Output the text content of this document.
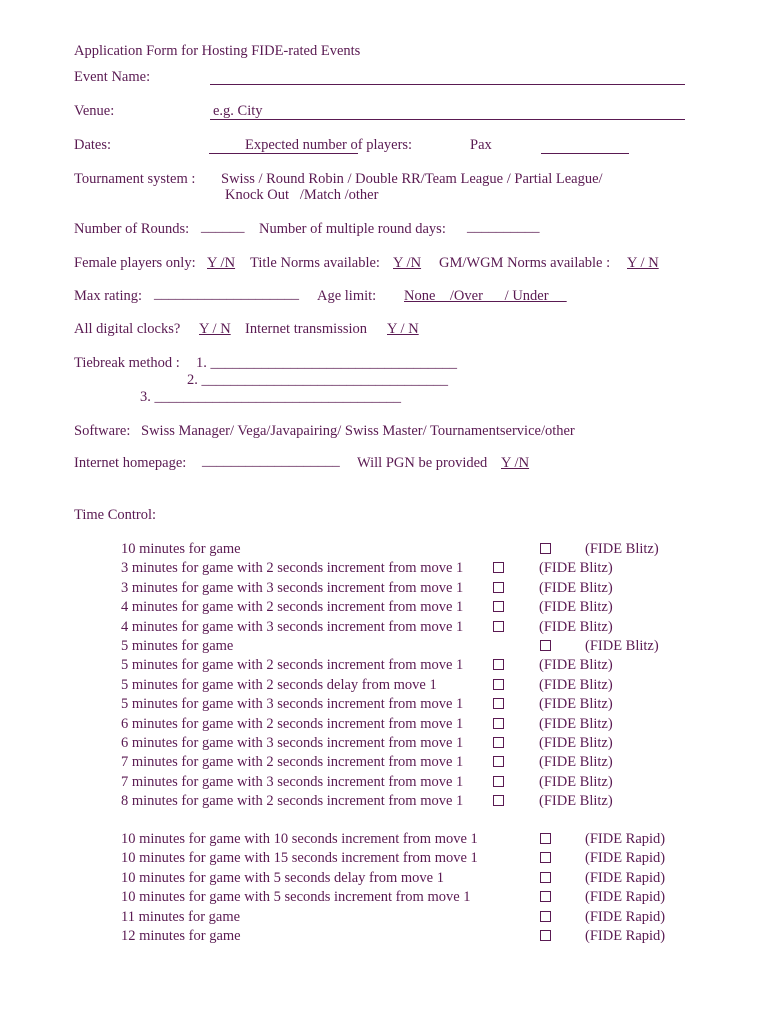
Application Form for Hosting FIDE-rated Events
Event Name:
Venue:	e.g. City
Dates:	Expected number of players:	Pax
Tournament system : Swiss / Round Robin / Double RR/Team League / Partial League/
Knock Out   /Match /other
Number of Rounds: ______ Number of multiple round days: __________
Female players only: Y /N Title Norms available: Y /N GM/WGM Norms available : Y / N
Max rating: ____________________ Age limit: None    /Over      / Under
All digital clocks? Y / N Internet transmission Y / N
Tiebreak method : 1. __________________________________
2. __________________________________
3. __________________________________
Software: Swiss Manager/ Vega/Javapairing/ Swiss Master/ Tournamentservice/other
Internet homepage: ___________________ Will PGN be provided Y /N
Time Control:
10 minutes for game	(FIDE Blitz)
3 minutes for game with 2 seconds increment from move 1	(FIDE Blitz)
3 minutes for game with 3 seconds increment from move 1	(FIDE Blitz)
4 minutes for game with 2 seconds increment from move 1	(FIDE Blitz)
4 minutes for game with 3 seconds increment from move 1	(FIDE Blitz)
5 minutes for game	(FIDE Blitz)
5 minutes for game with 2 seconds increment from move 1	(FIDE Blitz)
5 minutes for game with 2 seconds delay from move 1	(FIDE Blitz)
5 minutes for game with 3 seconds increment from move 1	(FIDE Blitz)
6 minutes for game with 2 seconds increment from move 1	(FIDE Blitz)
6 minutes for game with 3 seconds increment from move 1	(FIDE Blitz)
7 minutes for game with 2 seconds increment from move 1	(FIDE Blitz)
7 minutes for game with 3 seconds increment from move 1	(FIDE Blitz)
8 minutes for game with 2 seconds increment from move 1	(FIDE Blitz)
10 minutes for game with 10 seconds increment from move 1	(FIDE Rapid)
10 minutes for game with 15 seconds increment from move 1	(FIDE Rapid)
10 minutes for game with 5 seconds delay from move 1	(FIDE Rapid)
10 minutes for game with 5 seconds increment from move 1	(FIDE Rapid)
11 minutes for game	(FIDE Rapid)
12 minutes for game	(FIDE Rapid)
